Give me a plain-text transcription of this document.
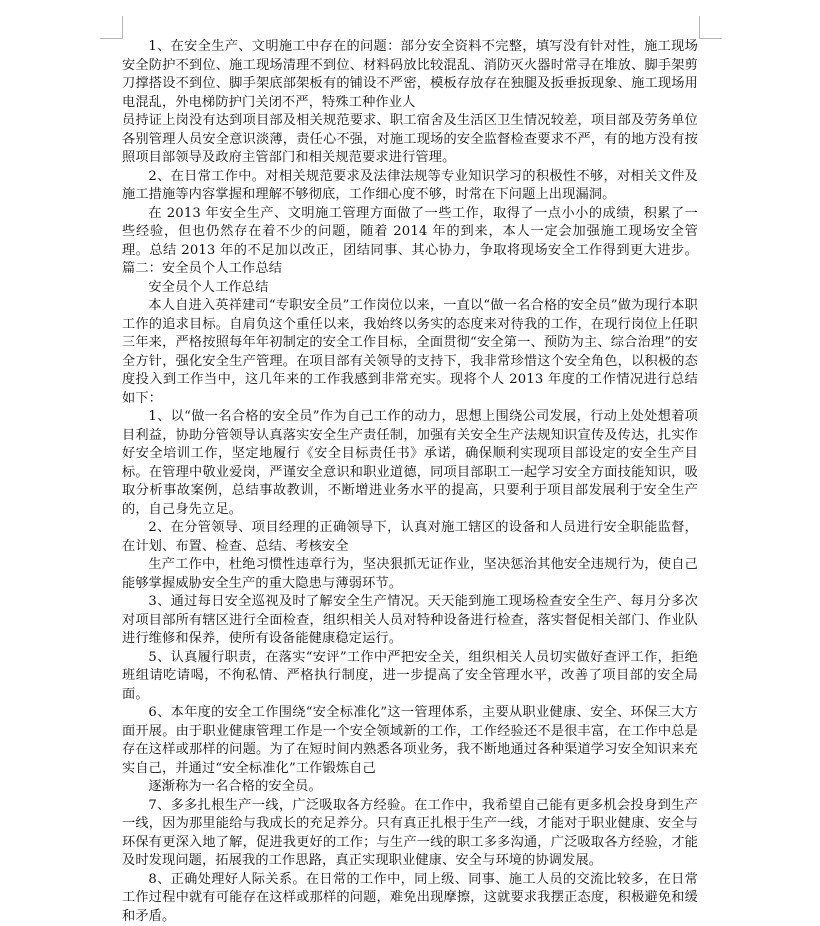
1、在安全生产、文明施工中存在的问题：部分安全资料不完整，填写没有针对性，施工现场安全防护不到位、施工现场清理不到位、材料码放比较混乱、消防灭火器时常寻在堆放、脚手架剪刀撑搭设不到位、脚手架底部架板有的铺设不严密，模板存放存在独腿及扳垂扳现象、施工现场用电混乱，外电梯防护门关闭不严，特殊工种作业人

员持证上岗没有达到项目部及相关规范要求、职工宿舍及生活区卫生情况较差，项目部及劳务单位各别管理人员安全意识淡薄，责任心不强，对施工现场的安全监督检查要求不严，有的地方没有按照项目部领导及政府主管部门和相关规范要求进行管理。

2、在日常工作中。对相关规范要求及法律法规等专业知识学习的积极性不够，对相关文件及施工措施等内容掌握和理解不够彻底，工作细心度不够，时常在下问题上出现漏洞。

在 2013 年安全生产、文明施工管理方面做了一些工作，取得了一点小小的成绩，积累了一些经验，但也仍然存在着不少的问题，随着 2014 年的到来，本人一定会加强施工现场安全管理。总结 2013 年的不足加以改正，团结同事、其心协力，争取将现场安全工作得到更大进步。篇二：安全员个人工作总结

安全员个人工作总结

本人自进入英祥建司“专职安全员”工作岗位以来，一直以“做一名合格的安全员”做为现行本职工作的追求目标。自肩负这个重任以来，我始终以务实的态度来对待我的工作，在现行岗位上任职三年来，严格按照每年年初制定的安全工作目标，全面贯彻“安全第一、预防为主、综合治理”的安全方针，强化安全生产管理。在项目部有关领导的支持下，我非常珍惜这个安全角色，以积极的态度投入到工作当中，这几年来的工作我感到非常充实。现将个人 2013 年度的工作情况进行总结如下：

1、以“做一名合格的安全员”作为自己工作的动力，思想上围绕公司发展，行动上处处想着项目利益，协助分管领导认真落实安全生产责任制，加强有关安全生产法规知识宣传及传达，扎实作好安全培训工作，坚定地履行《安全目标责任书》承诺，确保顺利实现项目部设定的安全生产目标。在管理中敬业爱岗，严谨安全意识和职业道德，同项目部职工一起学习安全方面技能知识，吸取分析事故案例，总结事故教训，不断增进业务水平的提高，只要利于项目部发展利于安全生产的，自己身先立足。

2、在分管领导、项目经理的正确领导下，认真对施工辖区的设备和人员进行安全职能监督，在计划、布置、检查、总结、考核安全

生产工作中，杜绝习惯性违章行为，坚决狠抓无证作业，坚决惩治其他安全违规行为，使自己能够掌握威胁安全生产的重大隐患与薄弱环节。

3、通过每日安全巡视及时了解安全生产情况。天天能到施工现场检查安全生产、每月分多次对项目部所有辖区进行全面检查，组织相关人员对特种设备进行检查，落实督促相关部门、作业队进行维修和保养，使所有设备能健康稳定运行。

5、认真履行职责，在落实“安评”工作中严把安全关，组织相关人员切实做好查评工作，拒绝班组请吃请喝，不徇私情、严格执行制度，进一步提高了安全管理水平，改善了项目部的安全局面。

6、本年度的安全工作围绕“安全标准化”这一管理体系，主要从职业健康、安全、环保三大方面开展。由于职业健康管理工作是一个安全领域新的工作，工作经验还不是很丰富，在工作中总是存在这样或那样的问题。为了在短时间内熟悉各项业务，我不断地通过各种渠道学习安全知识来充实自己，并通过“安全标准化”工作锻炼自己

逐渐称为一名合格的安全员。

7、多多扎根生产一线，广泛吸取各方经验。在工作中，我希望自己能有更多机会投身到生产一线，因为那里能给与我成长的充足养分。只有真正扎根于生产一线，才能对于职业健康、安全与环保有更深入地了解，促进我更好的工作；与生产一线的职工多多沟通，广泛吸取各方经验，才能及时发现问题，拓展我的工作思路，真正实现职业健康、安全与环境的协调发展。

8、正确处理好人际关系。在日常的工作中，同上级、同事、施工人员的交流比较多，在日常工作过程中就有可能存在这样或那样的问题，难免出现摩擦，这就要求我摆正态度，积极避免和缓和矛盾。
